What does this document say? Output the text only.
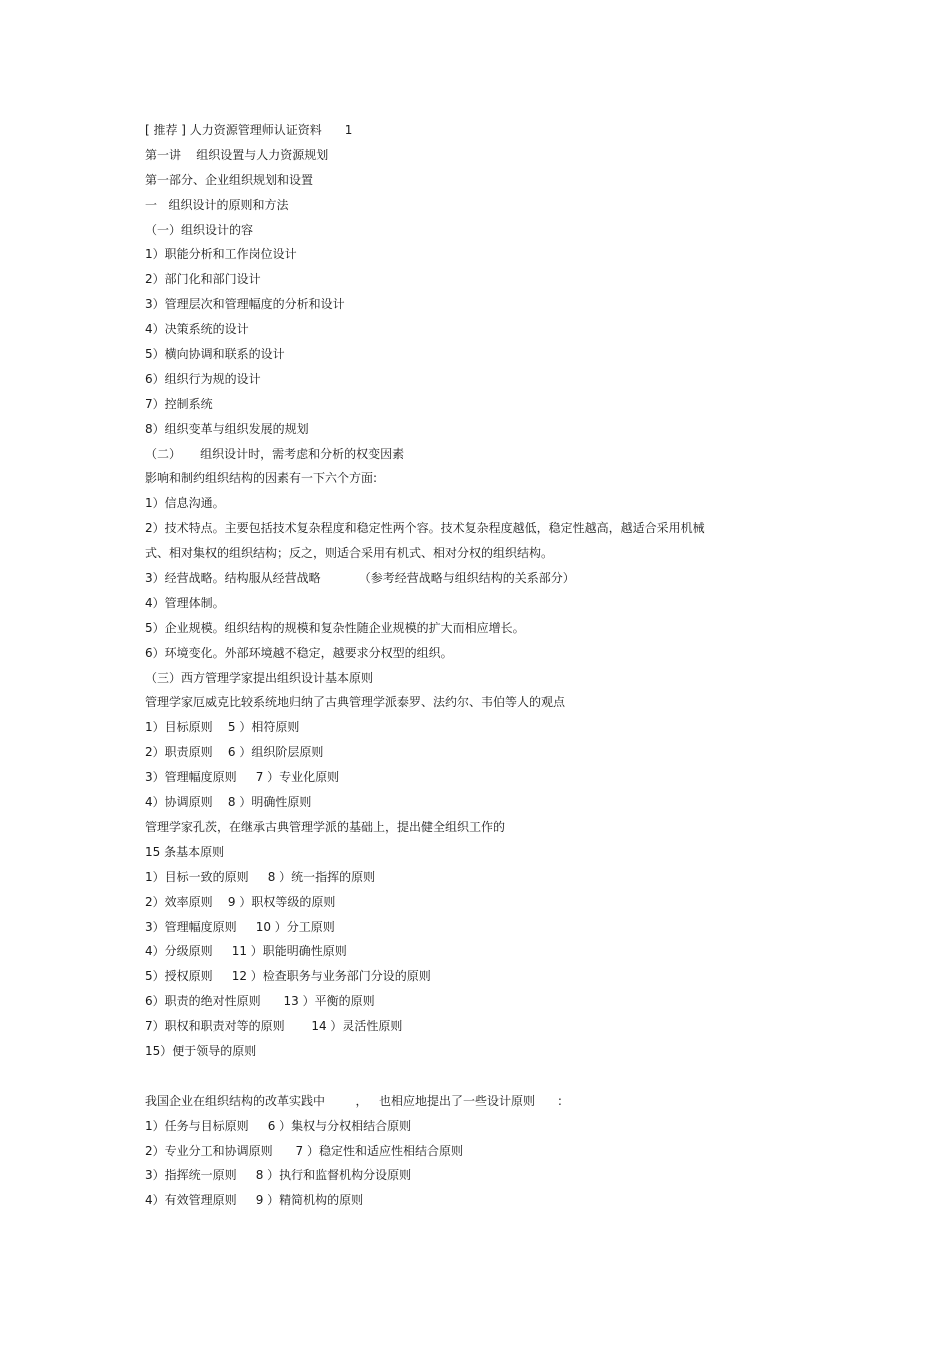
[ 推荐 ] 人力资源管理师认证资料      1
第一讲    组织设置与人力资源规划
第一部分、企业组织规划和设置
一   组织设计的原则和方法
（一）组织设计的容
1）职能分析和工作岗位设计
2）部门化和部门设计
3）管理层次和管理幅度的分析和设计
4）决策系统的设计
5）横向协调和联系的设计
6）组织行为规的设计
7）控制系统
8）组织变革与组织发展的规划
（二）     组织设计时，需考虑和分析的权变因素
影响和制约组织结构的因素有一下六个方面:
1）信息沟通。
2）技术特点。主要包括技术复杂程度和稳定性两个容。技术复杂程度越低，稳定性越高，越适合采用机械
式、相对集权的组织结构；反之，则适合采用有机式、相对分权的组织结构。
3）经营战略。结构服从经营战略          （参考经营战略与组织结构的关系部分）
4）管理体制。
5）企业规模。组织结构的规模和复杂性随企业规模的扩大而相应增长。
6）环境变化。外部环境越不稳定，越要求分权型的组织。
（三）西方管理学家提出组织设计基本原则
管理学家厄威克比较系统地归纳了古典管理学派泰罗、法约尔、韦伯等人的观点
1）目标原则    5 ）相符原则
2）职责原则    6 ）组织阶层原则
3）管理幅度原则     7 ）专业化原则
4）协调原则    8 ）明确性原则
管理学家孔茨，在继承古典管理学派的基础上，提出健全组织工作的
15 条基本原则
1）目标一致的原则     8 ）统一指挥的原则
2）效率原则    9 ）职权等级的原则
3）管理幅度原则     10 ）分工原则
4）分级原则     11 ）职能明确性原则
5）授权原则     12 ）检查职务与业务部门分设的原则
6）职责的绝对性原则      13 ）平衡的原则
7）职权和职责对等的原则       14 ）灵活性原则
15）便于领导的原则
我国企业在组织结构的改革实践中        ，   也相应地提出了一些设计原则      :
1）任务与目标原则     6 ）集权与分权相结合原则
2）专业分工和协调原则      7 ）稳定性和适应性相结合原则
3）指挥统一原则     8 ）执行和监督机构分设原则
4）有效管理原则     9 ）精简机构的原则
